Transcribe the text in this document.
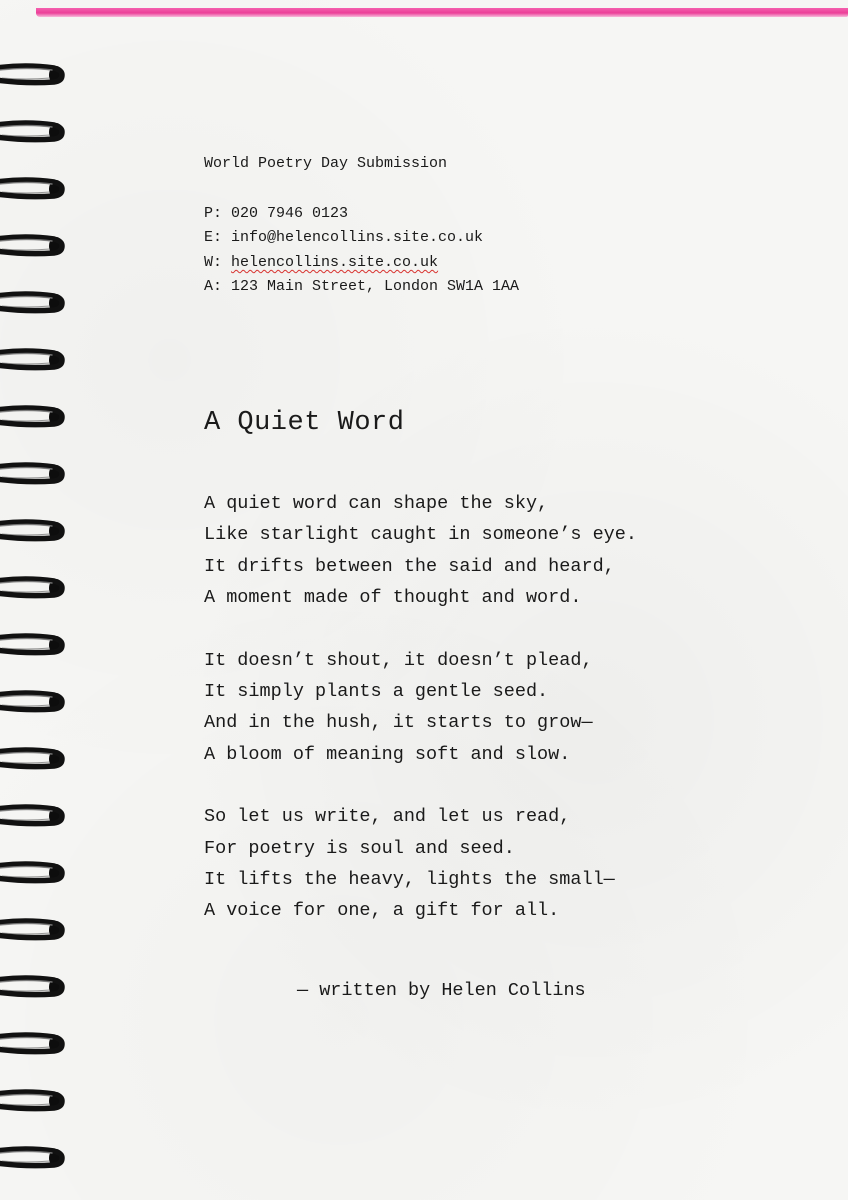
World Poetry Day Submission
P: 020 7946 0123
E: info@helencollins.site.co.uk
W: helencollins.site.co.uk
A: 123 Main Street, London SW1A 1AA
A Quiet Word
A quiet word can shape the sky,
Like starlight caught in someone’s eye.
It drifts between the said and heard,
A moment made of thought and word.
It doesn’t shout, it doesn’t plead,
It simply plants a gentle seed.
And in the hush, it starts to grow—
A bloom of meaning soft and slow.
So let us write, and let us read,
For poetry is soul and seed.
It lifts the heavy, lights the small—
A voice for one, a gift for all.
— written by Helen Collins
